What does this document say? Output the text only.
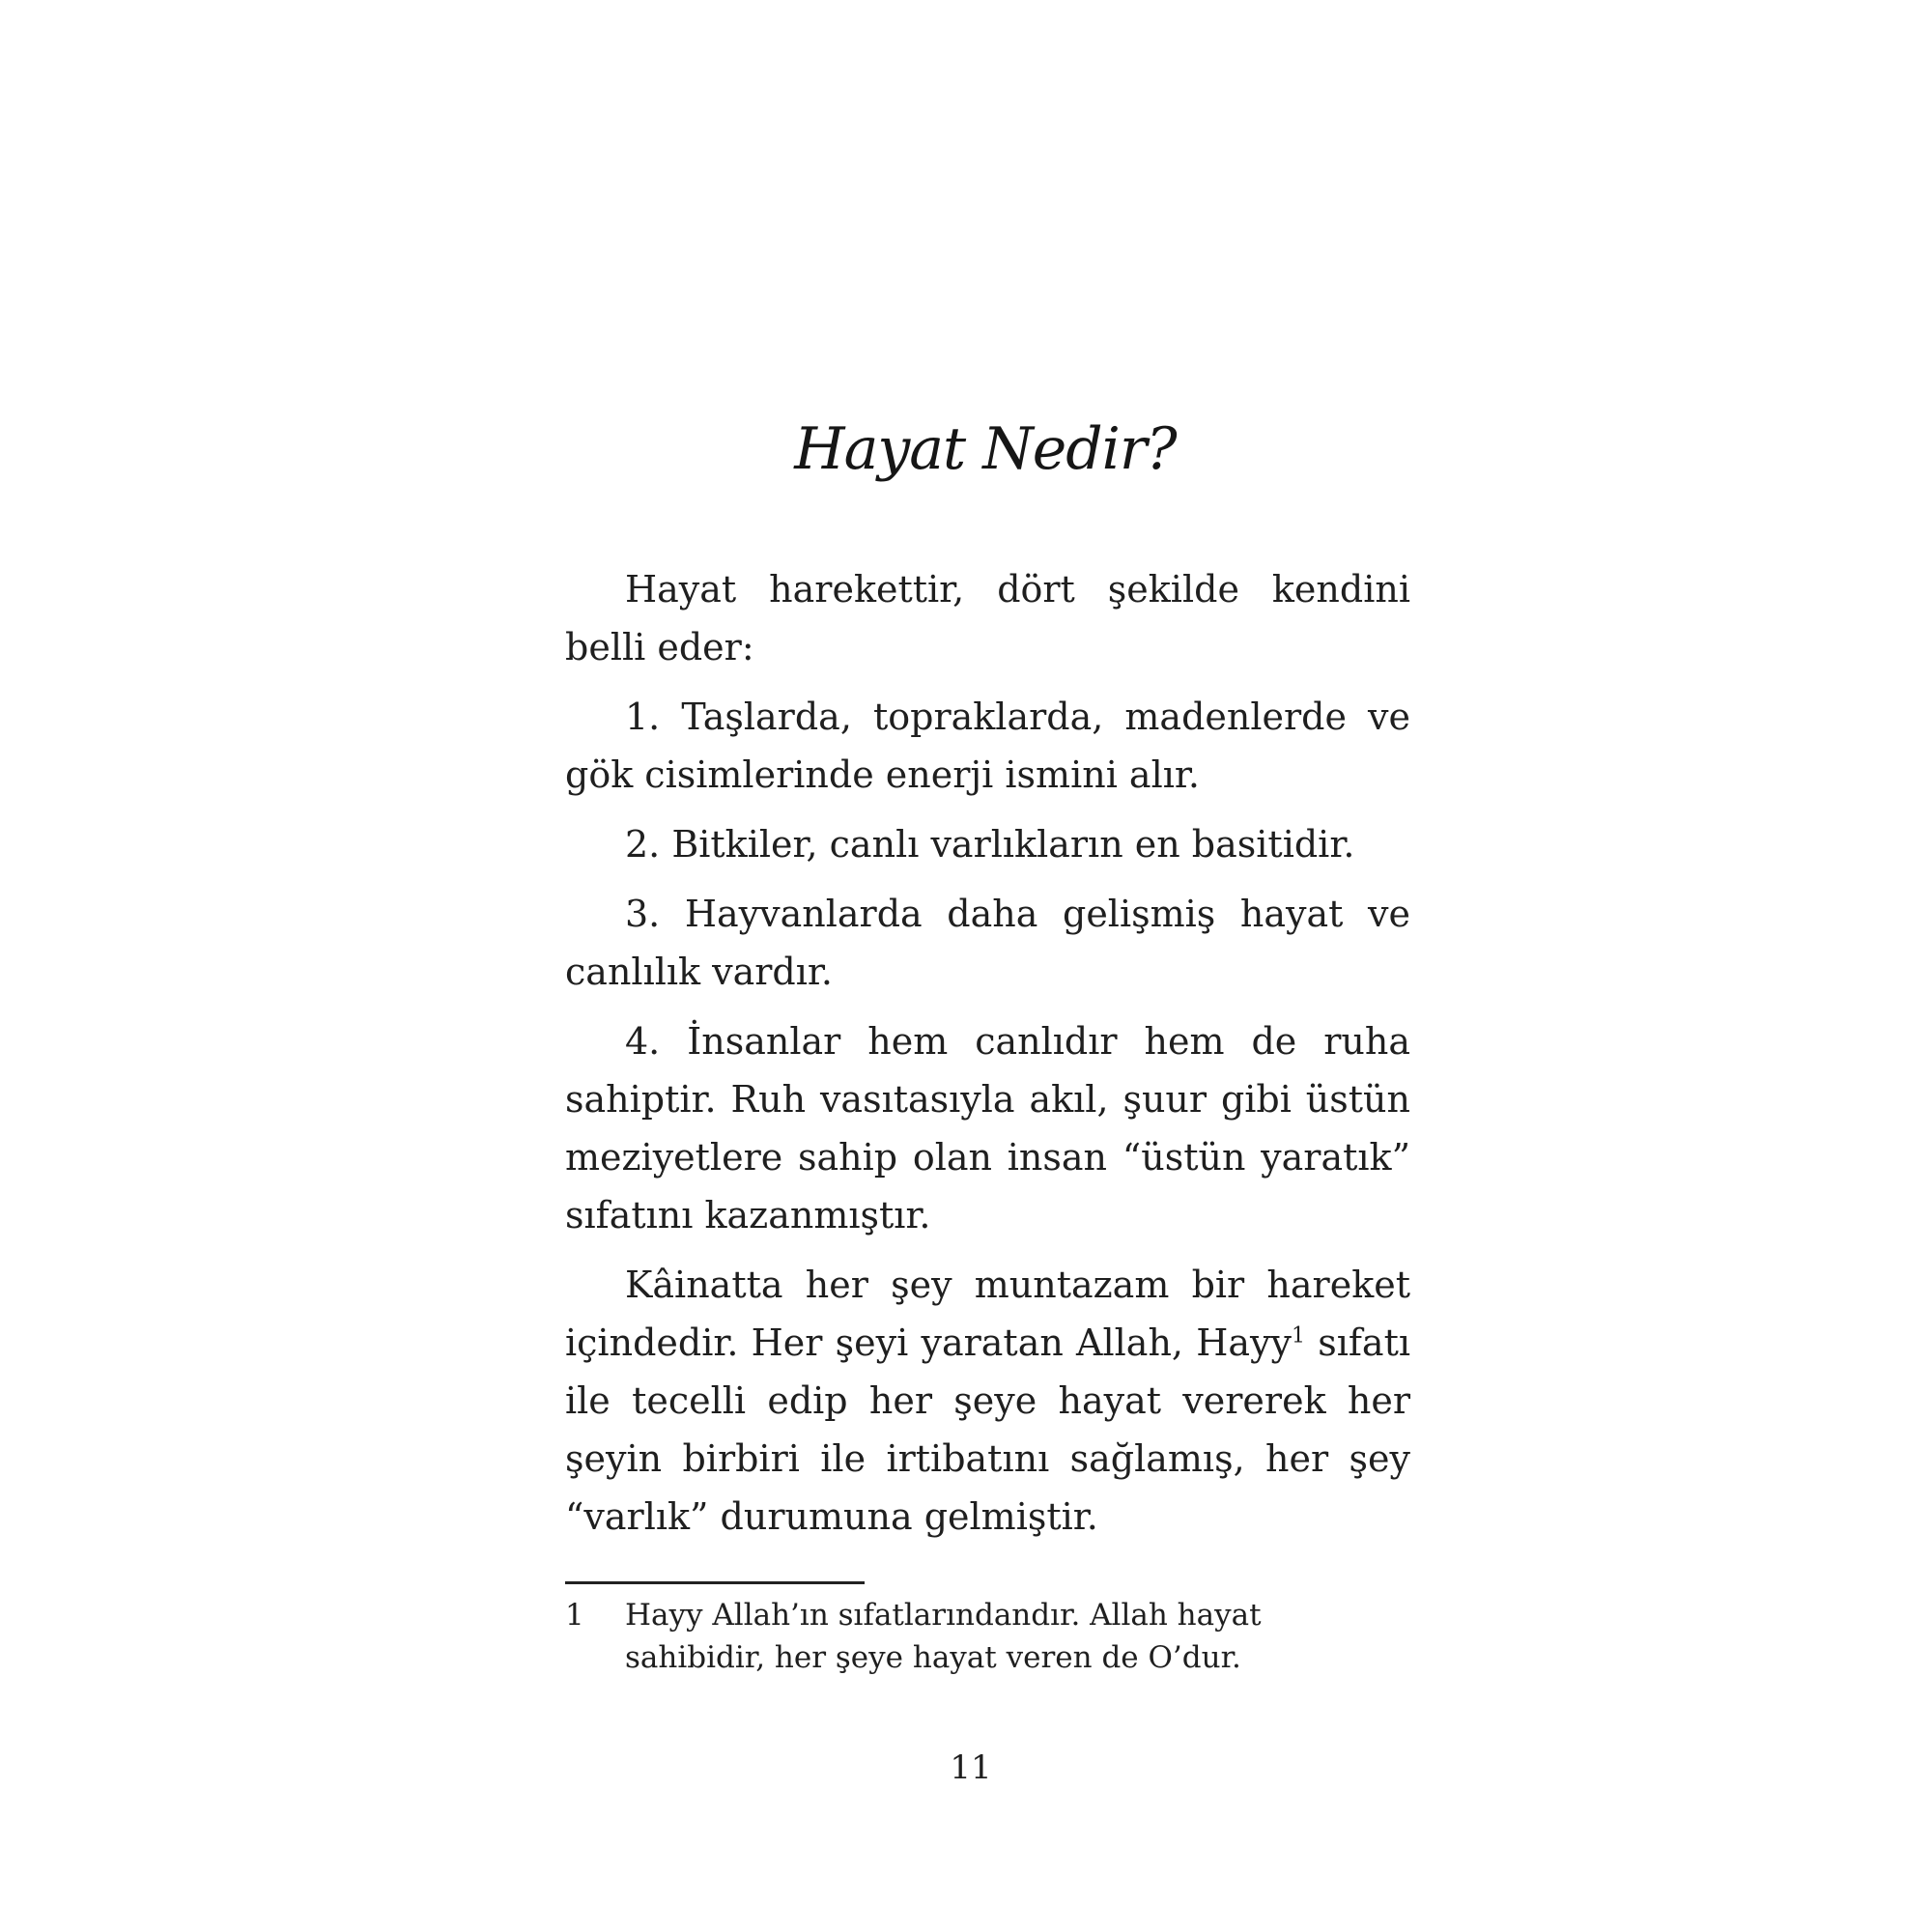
Hayat Nedir?

Hayat harekettir, dört şekilde kendini belli eder:

1. Taşlarda, topraklarda, madenlerde ve gök cisimlerinde enerji ismini alır.

2. Bitkiler, canlı varlıkların en basitidir.

3. Hayvanlarda daha gelişmiş hayat ve canlılık vardır.

4. İnsanlar hem canlıdır hem de ruha sahiptir. Ruh vasıtasıyla akıl, şuur gibi üstün meziyetlere sahip olan insan “üstün yaratık” sıfatını kazanmıştır.

Kâinatta her şey muntazam bir hareket içindedir. Her şeyi yaratan Allah, Hayy$^1$ sıfatı ile tecelli edip her şeye hayat vererek her şeyin birbiri ile irtibatını sağlamış, her şey “varlık” durumuna gelmiştir.

1	Hayy Allah’ın sıfatlarındandır. Allah hayat sahibidir, her şeye hayat veren de O’dur.
11
